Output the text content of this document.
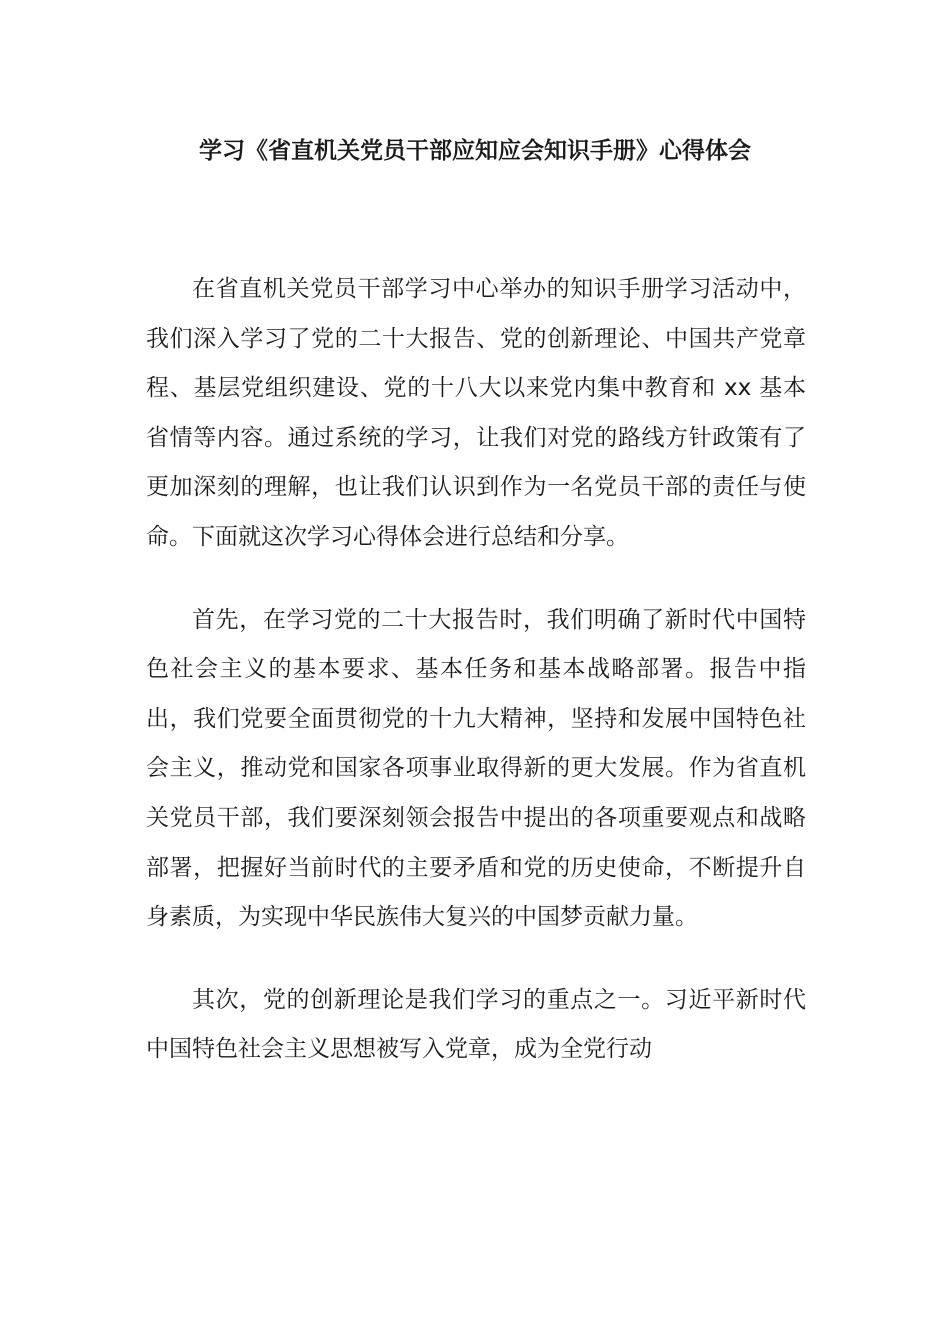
学习《省直机关党员干部应知应会知识手册》心得体会

在省直机关党员干部学习中心举办的知识手册学习活动中，我们深入学习了党的二十大报告、党的创新理论、中国共产党章程、基层党组织建设、党的十八大以来党内集中教育和 xx 基本省情等内容。通过系统的学习，让我们对党的路线方针政策有了更加深刻的理解，也让我们认识到作为一名党员干部的责任与使命。下面就这次学习心得体会进行总结和分享。

首先，在学习党的二十大报告时，我们明确了新时代中国特色社会主义的基本要求、基本任务和基本战略部署。报告中指出，我们党要全面贯彻党的十九大精神，坚持和发展中国特色社会主义，推动党和国家各项事业取得新的更大发展。作为省直机关党员干部，我们要深刻领会报告中提出的各项重要观点和战略部署，把握好当前时代的主要矛盾和党的历史使命，不断提升自身素质，为实现中华民族伟大复兴的中国梦贡献力量。

其次，党的创新理论是我们学习的重点之一。习近平新时代中国特色社会主义思想被写入党章，成为全党行动
